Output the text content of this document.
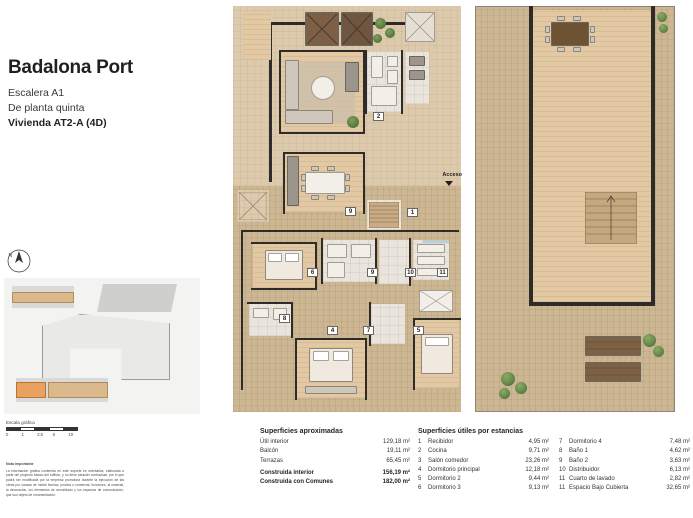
Badalona Port
Escalera A1
De planta quinta
Vivienda AT2-A (4D)
N
Escala gráfica
0	1	2.5	5	10
Nota importante
La información gráfica contenida en este soporte es orientativa, elaborada a partir del proyecto básico del edificio, y no tiene carácter contractual, por lo que podrá ser modificada por la empresa promotora durante la ejecución de las obras por causas de índole técnica, jurídica o comercial, funciones, al material, la decoración, los elementos de amueblado y los espacios de comunicación, que son objeto de ornamentación.
1
2
9
6	9	10	11
8
4	7	5
Acceso
Superficies aproximadas
Útil interior	129,18 m²
Balcón	19,11 m²
Terrazas	65,45 m²
Construida interior	156,19 m²
Construida con Comunes	182,00 m²
Superficies útiles por estancias
1	Recibidor	4,95 m²
2	Cocina	9,71 m²
3	Salón comedor	23,26 m²
4	Dormitorio principal	12,18 m²
5	Dormitorio 2	9,44 m²
6	Dormitorio 3	9,13 m²
7	Dormitorio 4	7,48 m²
8	Baño 1	4,62 m²
9	Baño 2	3,63 m²
10 Distribuidor	6,13 m²
11 Cuarto de lavado	2,82 m²
11 Espacio Bajo Cubierta	32,65 m²
